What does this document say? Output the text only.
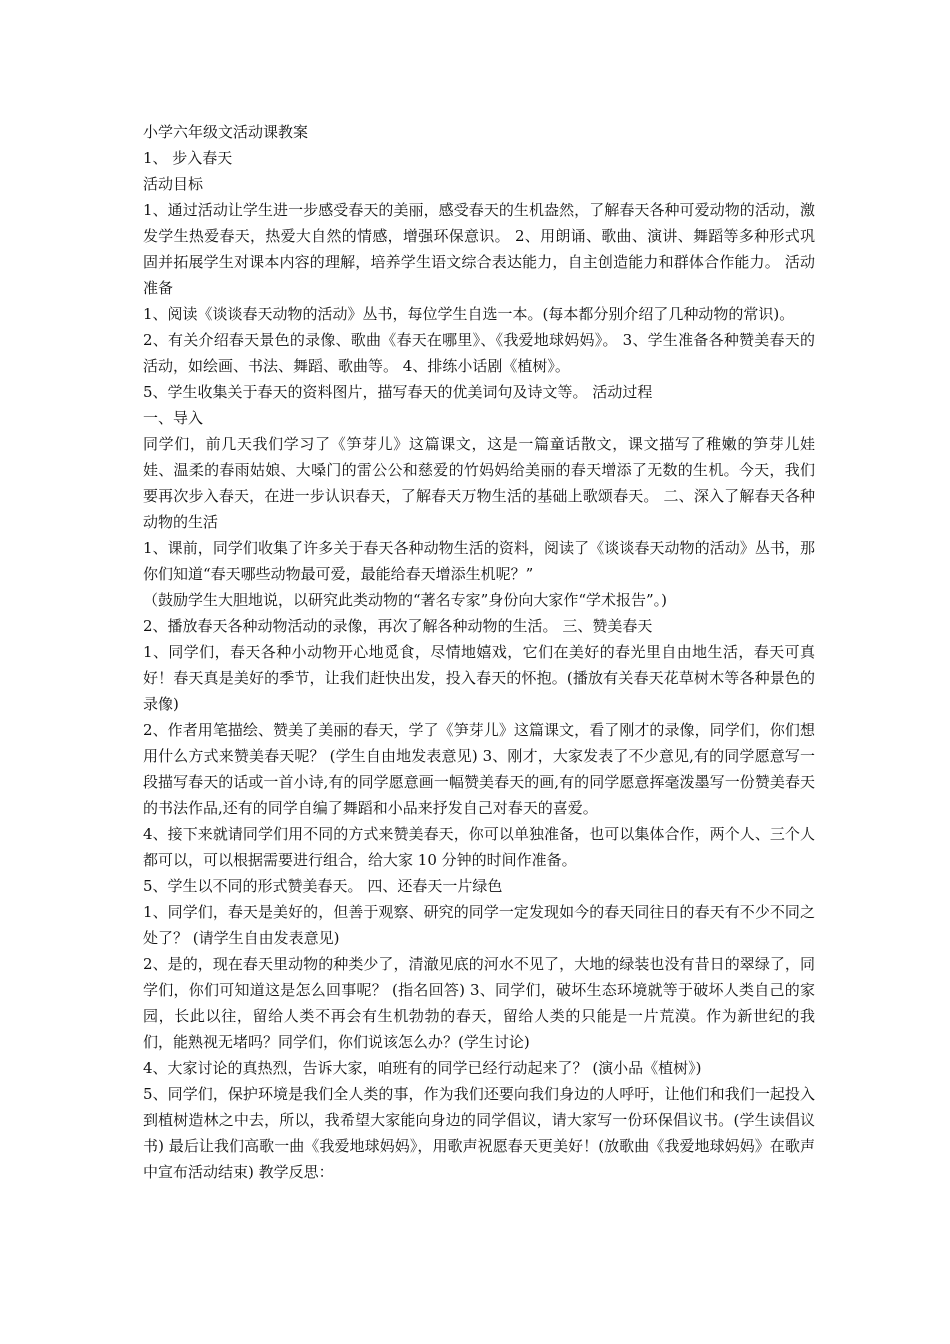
小学六年级文活动课教案
1、 步入春天
活动目标
1、通过活动让学生进一步感受春天的美丽，感受春天的生机盎然，了解春天各种可爱动物的活动，激发学生热爱春天，热爱大自然的情感，增强环保意识。 2、用朗诵、歌曲、演讲、舞蹈等多种形式巩固并拓展学生对课本内容的理解，培养学生语文综合表达能力，自主创造能力和群体合作能力。 活动准备
1、阅读《谈谈春天动物的活动》丛书，每位学生自选一本。(每本都分别介绍了几种动物的常识)。
2、有关介绍春天景色的录像、歌曲《春天在哪里》、《我爱地球妈妈》。 3、学生准备各种赞美春天的活动，如绘画、书法、舞蹈、歌曲等。 4、排练小话剧《植树》。
5、学生收集关于春天的资料图片，描写春天的优美词句及诗文等。 活动过程
一、导入
同学们，前几天我们学习了《笋芽儿》这篇课文，这是一篇童话散文，课文描写了稚嫩的笋芽儿娃娃、温柔的春雨姑娘、大嗓门的雷公公和慈爱的竹妈妈给美丽的春天增添了无数的生机。今天，我们要再次步入春天，在进一步认识春天，了解春天万物生活的基础上歌颂春天。 二、深入了解春天各种动物的生活
1、课前，同学们收集了许多关于春天各种动物生活的资料，阅读了《谈谈春天动物的活动》丛书，那你们知道“春天哪些动物最可爱，最能给春天增添生机呢？”
（鼓励学生大胆地说，以研究此类动物的“著名专家”身份向大家作“学术报告”。)
2、播放春天各种动物活动的录像，再次了解各种动物的生活。 三、赞美春天
1、同学们，春天各种小动物开心地觅食，尽情地嬉戏，它们在美好的春光里自由地生活，春天可真好！春天真是美好的季节，让我们赶快出发，投入春天的怀抱。(播放有关春天花草树木等各种景色的录像)
2、作者用笔描绘、赞美了美丽的春天，学了《笋芽儿》这篇课文，看了刚才的录像，同学们，你们想用什么方式来赞美春天呢？ (学生自由地发表意见) 3、刚才，大家发表了不少意见,有的同学愿意写一段描写春天的话或一首小诗,有的同学愿意画一幅赞美春天的画,有的同学愿意挥毫泼墨写一份赞美春天的书法作品,还有的同学自编了舞蹈和小品来抒发自己对春天的喜爱。
4、接下来就请同学们用不同的方式来赞美春天，你可以单独准备，也可以集体合作，两个人、三个人都可以，可以根据需要进行组合，给大家 10 分钟的时间作准备。
5、学生以不同的形式赞美春天。 四、还春天一片绿色
1、同学们，春天是美好的，但善于观察、研究的同学一定发现如今的春天同往日的春天有不少不同之处了？ (请学生自由发表意见)
2、是的，现在春天里动物的种类少了，清澈见底的河水不见了，大地的绿装也没有昔日的翠绿了，同学们，你们可知道这是怎么回事呢？ (指名回答) 3、同学们，破坏生态环境就等于破坏人类自己的家园，长此以往，留给人类不再会有生机勃勃的春天，留给人类的只能是一片荒漠。作为新世纪的我们，能熟视无堵吗？同学们，你们说该怎么办？(学生讨论)
4、大家讨论的真热烈，告诉大家，咱班有的同学已经行动起来了？ (演小品《植树》)
5、同学们，保护环境是我们全人类的事，作为我们还要向我们身边的人呼吁，让他们和我们一起投入到植树造林之中去，所以，我希望大家能向身边的同学倡议，请大家写一份环保倡议书。(学生读倡议书) 最后让我们高歌一曲《我爱地球妈妈》，用歌声祝愿春天更美好！(放歌曲《我爱地球妈妈》在歌声中宣布活动结束) 教学反思：
